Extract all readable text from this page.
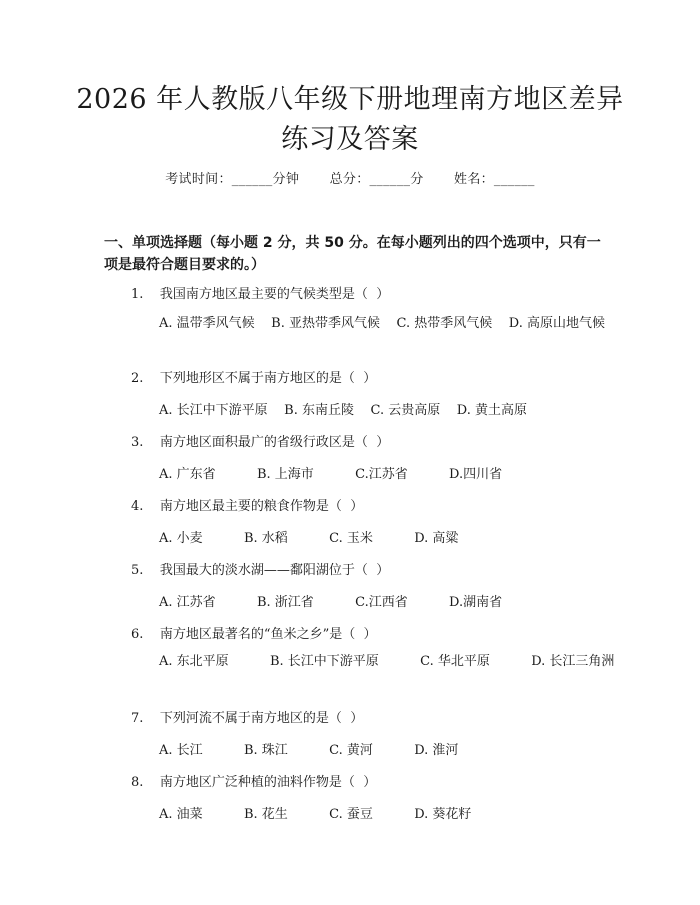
2026 年人教版八年级下册地理南方地区差异
练习及答案
考试时间：______分钟 总分：______分 姓名：______
一、单项选择题（每小题 2 分，共 50 分。在每小题列出的四个选项中，只有一项是最符合题目要求的。）
1.    我国南方地区最主要的气候类型是（  ）
A. 温带季风气候    B. 亚热带季风气候    C. 热带季风气候    D. 高原山地气候
2.    下列地形区不属于南方地区的是（  ）
A. 长江中下游平原    B. 东南丘陵    C. 云贵高原    D. 黄土高原
3.    南方地区面积最广的省级行政区是（  ）
A. 广东省          B. 上海市          C.江苏省          D.四川省
4.    南方地区最主要的粮食作物是（  ）
A. 小麦          B. 水稻          C. 玉米          D. 高粱
5.    我国最大的淡水湖——鄱阳湖位于（  ）
A. 江苏省          B. 浙江省          C.江西省          D.湖南省
6.    南方地区最著名的“鱼米之乡”是（  ）
A. 东北平原          B. 长江中下游平原          C. 华北平原          D. 长江三角洲
7.    下列河流不属于南方地区的是（  ）
A. 长江          B. 珠江          C. 黄河          D. 淮河
8.    南方地区广泛种植的油料作物是（  ）
A. 油菜          B. 花生          C. 蚕豆          D. 葵花籽
